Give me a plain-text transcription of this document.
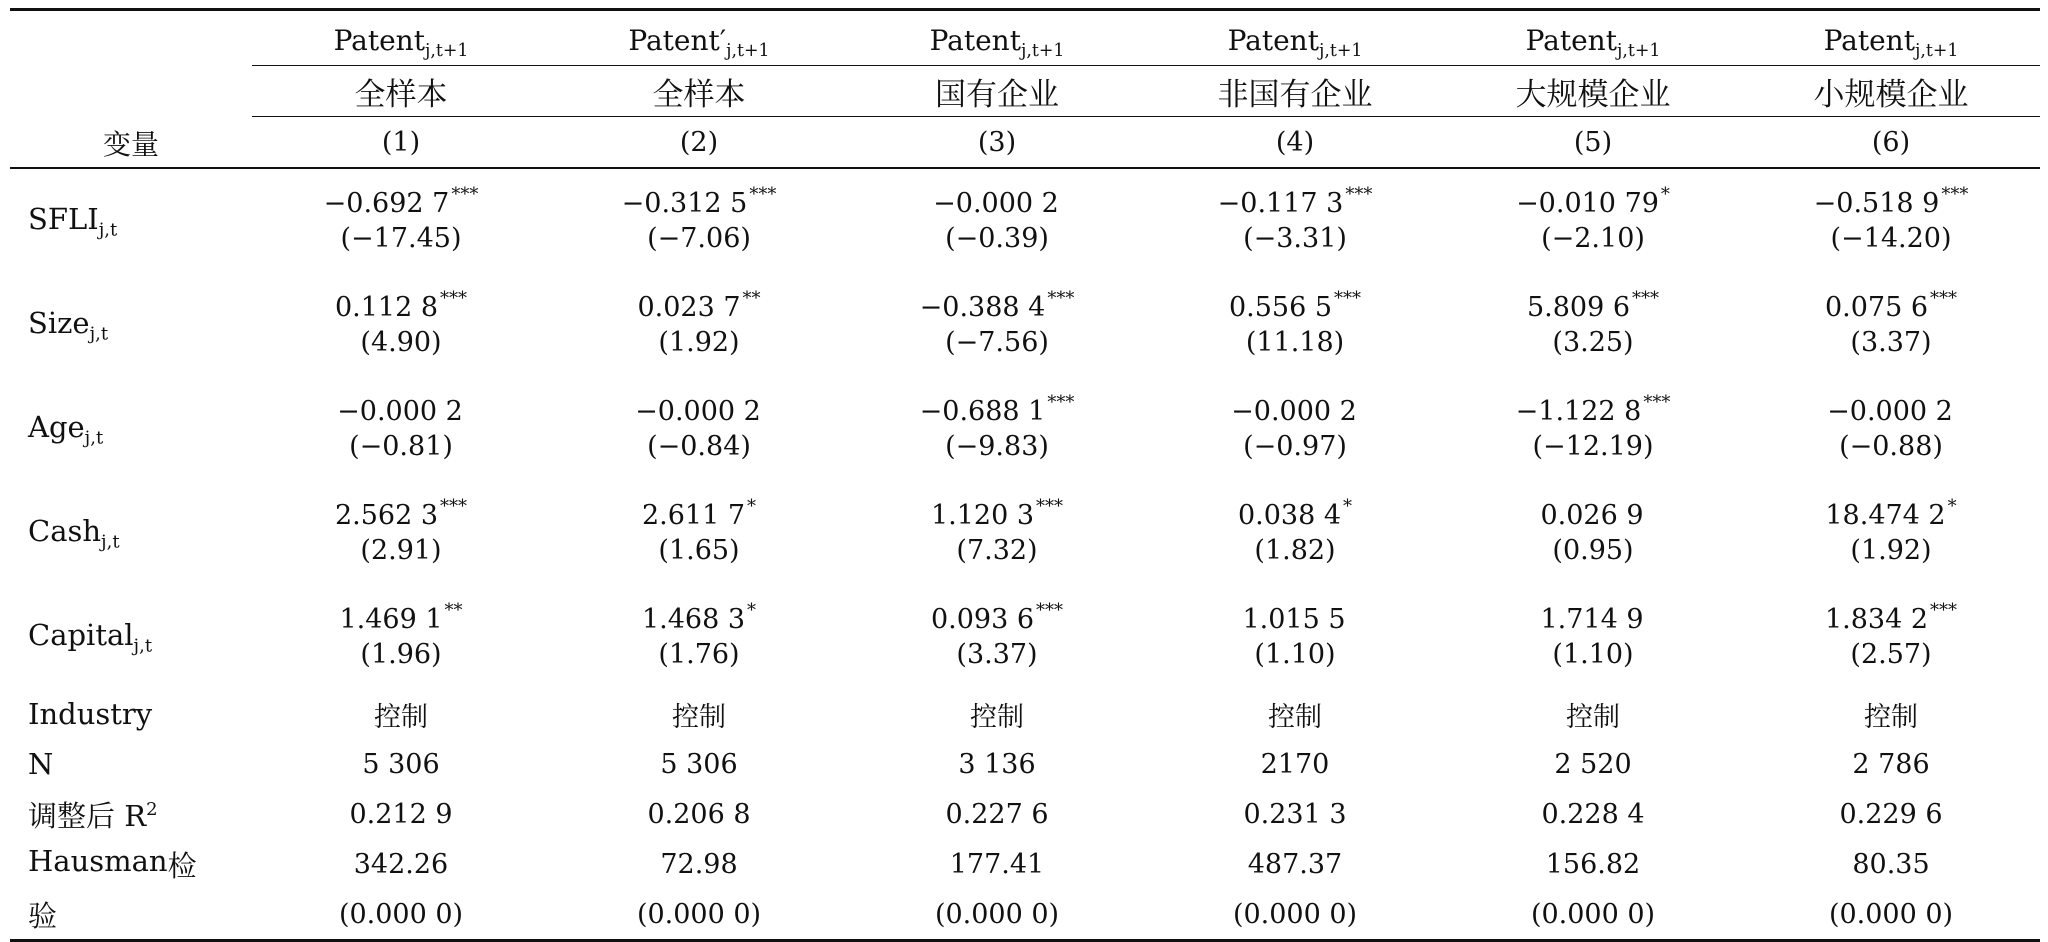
变量	Patent$_{j,t+1}$	$Patent'_{j,t+1}$	Patent$_{j,t+1}$	Patent$_{j,t+1}$	Patent$_{j,t+1}$	Patent$_{j,t+1}$
	全样本	全样本	国有企业	非国有企业	大规模企业	小规模企业
	(1)	(2)	(3)	(4)	(5)	(6)
$SFLI_{j,t}$	−0.692 7 ***	−0.312 5 ***	−0.000 2	−0.117 3 ***	−0.010 79 *	−0.518 9 ***
	(−17.45)	(−7.06)	(−0.39)	(−3.31)	(−2.10)	(−14.20)
Size$_{j,t}$	0.112 8 ***	0.023 7 **	−0.388 4 ***	0.556 5 ***	5.809 6 ***	0.075 6 ***
	(4.90)	(1.92)	(−7.56)	(11.18)	(3.25)	(3.37)
Age$_{j,t}$	−0.000 2	−0.000 2	−0.688 1 ***	−0.000 2	−1.122 8 ***	−0.000 2
	(−0.81)	(−0.84)	(−9.83)	(−0.97)	(−12.19)	(−0.88)
Cash$_{j,t}$	2.562 3 ***	2.611 7 *	1.120 3 ***	0.038 4 *	0.026 9	18.474 2 *
	(2.91)	(1.65)	(7.32)	(1.82)	(0.95)	(1.92)
Capital$_{j,t}$	1.469 1 **	1.468 3 *	0.093 6 ***	1.015 5	1.714 9	1.834 2 ***
	(1.96)	(1.76)	(3.37)	(1.10)	(1.10)	(2.57)
Industry	控制	控制	控制	控制	控制	控制
N	5 306	5 306	3 136	2170	2 520	2 786
调整后 $R^2$	0.212 9	0.206 8	0.227 6	0.231 3	0.228 4	0.229 6

Hausman 检	342.26	72.98	177.41	487.37	156.82	80.35
验	(0.000 0)	(0.000 0)	(0.000 0)	(0.000 0)	(0.000 0)	(0.000 0)
